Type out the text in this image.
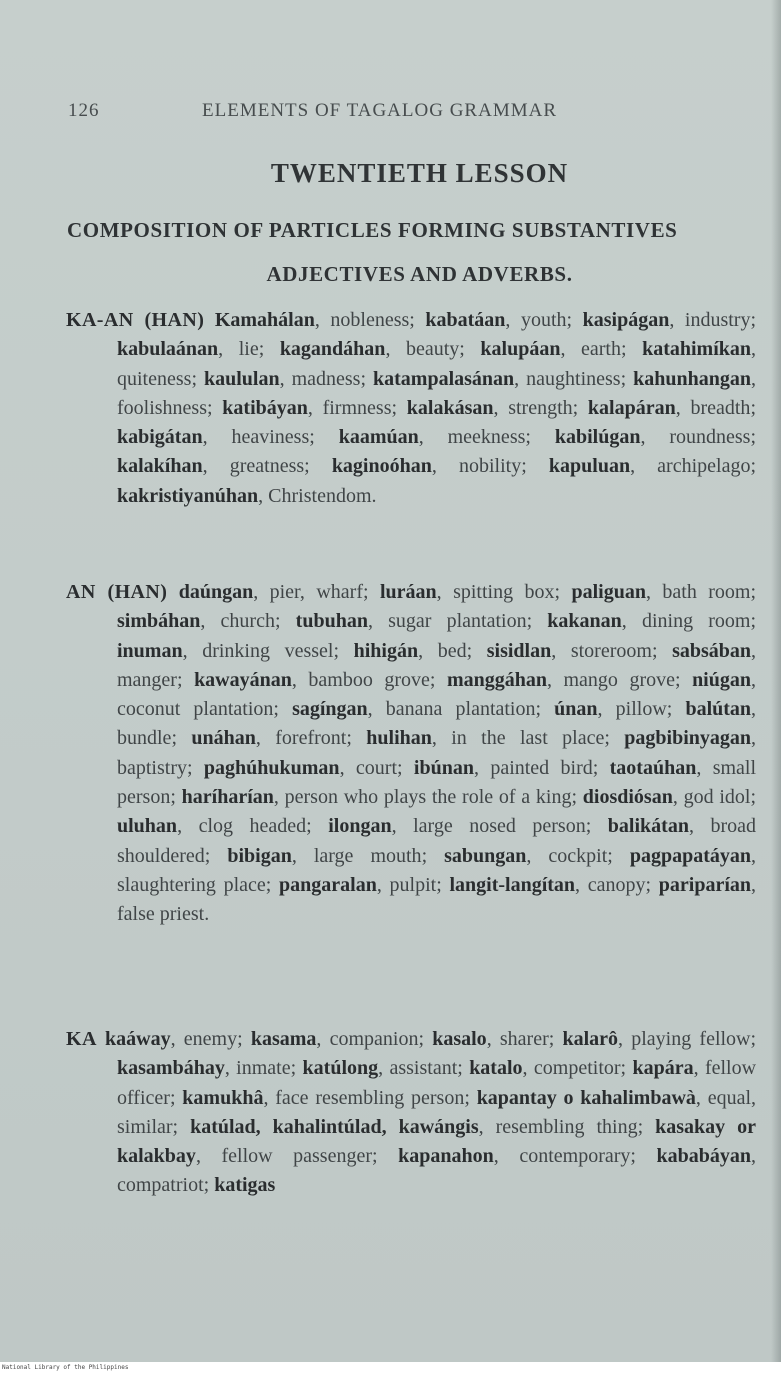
126	ELEMENTS OF TAGALOG GRAMMAR
TWENTIETH LESSON
COMPOSITION OF PARTICLES FORMING SUBSTANTIVES
ADJECTIVES AND ADVERBS.
KA-AN (HAN) Kamahálan, nobleness; kabatáan, youth; kasipágan, industry; kabulaánan, lie; kagandáhan, beauty; kalupáan, earth; katahimíkan, quiteness; kaululan, madness; katampalasánan, naughtiness; kahunhangan, foolishness; katibáyan, firmness; kalakásan, strength; kalapáran, breadth; kabigátan, heaviness; kaamúan, meekness; kabilúgan, roundness; kalakíhan, greatness; kaginoóhan, nobility; kapuluan, archipelago; kakristiyanúhan, Christendom.
AN (HAN) daúngan, pier, wharf; luráan, spitting box; paliguan, bath room; simbáhan, church; tubuhan, sugar plantation; kakanan, dining room; inuman, drinking vessel; hihigán, bed; sisidlan, storeroom; sabsában, manger; kawayánan, bamboo grove; manggáhan, mango grove; niúgan, coconut plantation; sagíngan, banana plantation; únan, pillow; balútan, bundle; unáhan, forefront; hulihan, in the last place; pagbibinyagan, baptistry; paghúhukuman, court; ibúnan, painted bird; taotaúhan, small person; haríharían, person who plays the role of a king; diosdiósan, god idol; uluhan, clog headed; ilongan, large nosed person; balikátan, broad shouldered; bibigan, large mouth; sabungan, cockpit; pagpapatáyan, slaughtering place; pangaralan, pulpit; langit-langítan, canopy; pariparían, false priest.
KA kaáway, enemy; kasama, companion; kasalo, sharer; kalarô, playing fellow; kasambáhay, inmate; katúlong, assistant; katalo, competitor; kapára, fellow officer; kamukhâ, face resembling person; kapantay o kahalimbawà, equal, similar; katúlad, kahalintúlad, kawángis, resembling thing; kasakay or kalakbay, fellow passenger; kapanahon, contemporary; kababáyan, compatriot; katigas
National Library of the Philippines
